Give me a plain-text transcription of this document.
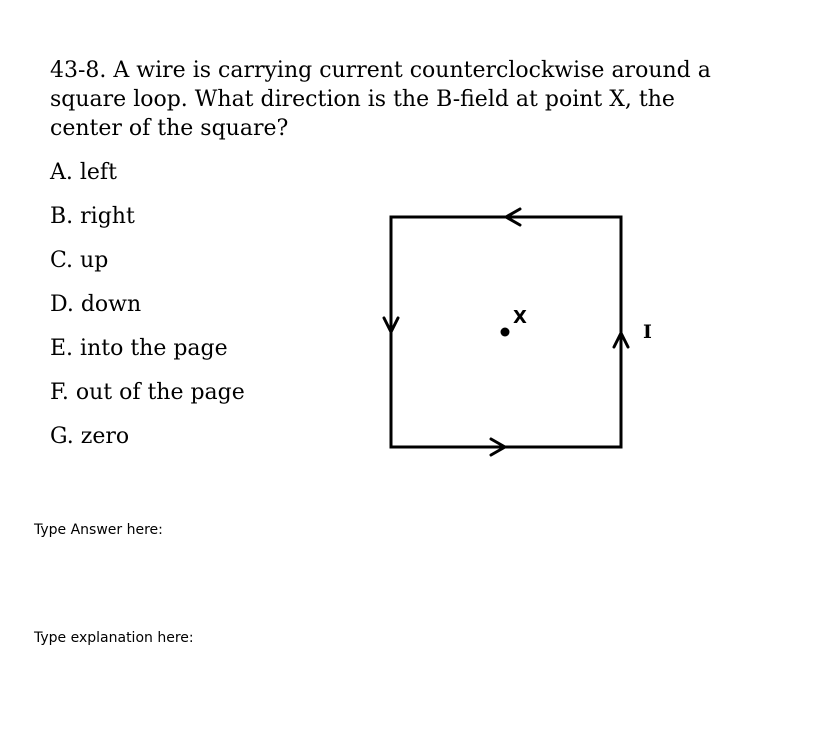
43-8. A wire is carrying current counterclockwise around a square loop. What direction is the B-field at point X, the center of the square?
A. left
B. right
C. up
D. down
E. into the page
F. out of the page
G. zero
X
I
Type Answer here:
Type explanation here:
